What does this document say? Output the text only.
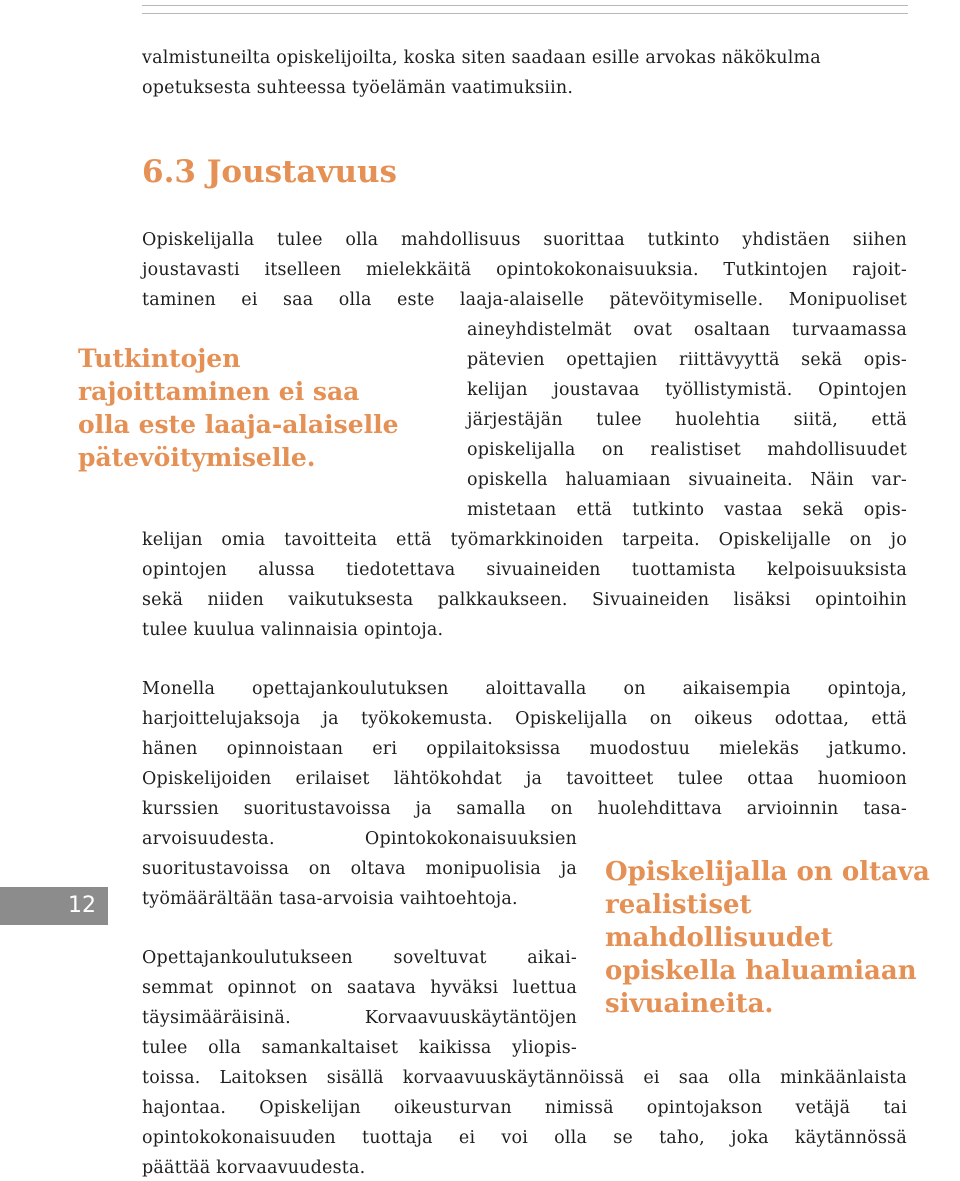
valmistuneilta opiskelijoilta, koska siten saadaan esille arvokas näkökulma
opetuksesta suhteessa työelämän vaatimuksiin.
6.3 Joustavuus
Opiskelijalla tulee olla mahdollisuus suorittaa tutkinto yhdistäen siihen
joustavasti itselleen mielekkäitä opintokokonaisuuksia. Tutkintojen rajoit-
taminen ei saa olla este laaja-alaiselle pätevöitymiselle. Monipuoliset
aineyhdistelmät ovat osaltaan turvaamassa
pätevien opettajien riittävyyttä sekä opis-
kelijan joustavaa työllistymistä. Opintojen
järjestäjän tulee huolehtia siitä, että
opiskelijalla on realistiset mahdollisuudet
opiskella haluamiaan sivuaineita. Näin var-
mistetaan että tutkinto vastaa sekä opis-
kelijan omia tavoitteita että työmarkkinoiden tarpeita. Opiskelijalle on jo
opintojen alussa tiedotettava sivuaineiden tuottamista kelpoisuuksista
sekä niiden vaikutuksesta palkkaukseen. Sivuaineiden lisäksi opintoihin
tulee kuulua valinnaisia opintoja.
Tutkintojen
rajoittaminen ei saa
olla este laaja-alaiselle
pätevöitymiselle.
Monella opettajankoulutuksen aloittavalla on aikaisempia opintoja,
harjoittelujaksoja ja työkokemusta. Opiskelijalla on oikeus odottaa, että
hänen opinnoistaan eri oppilaitoksissa muodostuu mielekäs jatkumo.
Opiskelijoiden erilaiset lähtökohdat ja tavoitteet tulee ottaa huomioon
kurssien suoritustavoissa ja samalla on huolehdittava arvioinnin tasa-
arvoisuudesta. Opintokokonaisuuksien
suoritustavoissa on oltava monipuolisia ja
työmäärältään tasa-arvoisia vaihtoehtoja.
Opettajankoulutukseen soveltuvat aikai-
semmat opinnot on saatava hyväksi luettua
täysimääräisinä. Korvaavuuskäytäntöjen
tulee olla samankaltaiset kaikissa yliopis-
toissa. Laitoksen sisällä korvaavuuskäytännöissä ei saa olla minkäänlaista
hajontaa. Opiskelijan oikeusturvan nimissä opintojakson vetäjä tai
opintokokonaisuuden tuottaja ei voi olla se taho, joka käytännössä
päättää korvaavuudesta.
Opiskelijalla on oltava
realistiset
mahdollisuudet
opiskella haluamiaan
sivuaineita.
12
